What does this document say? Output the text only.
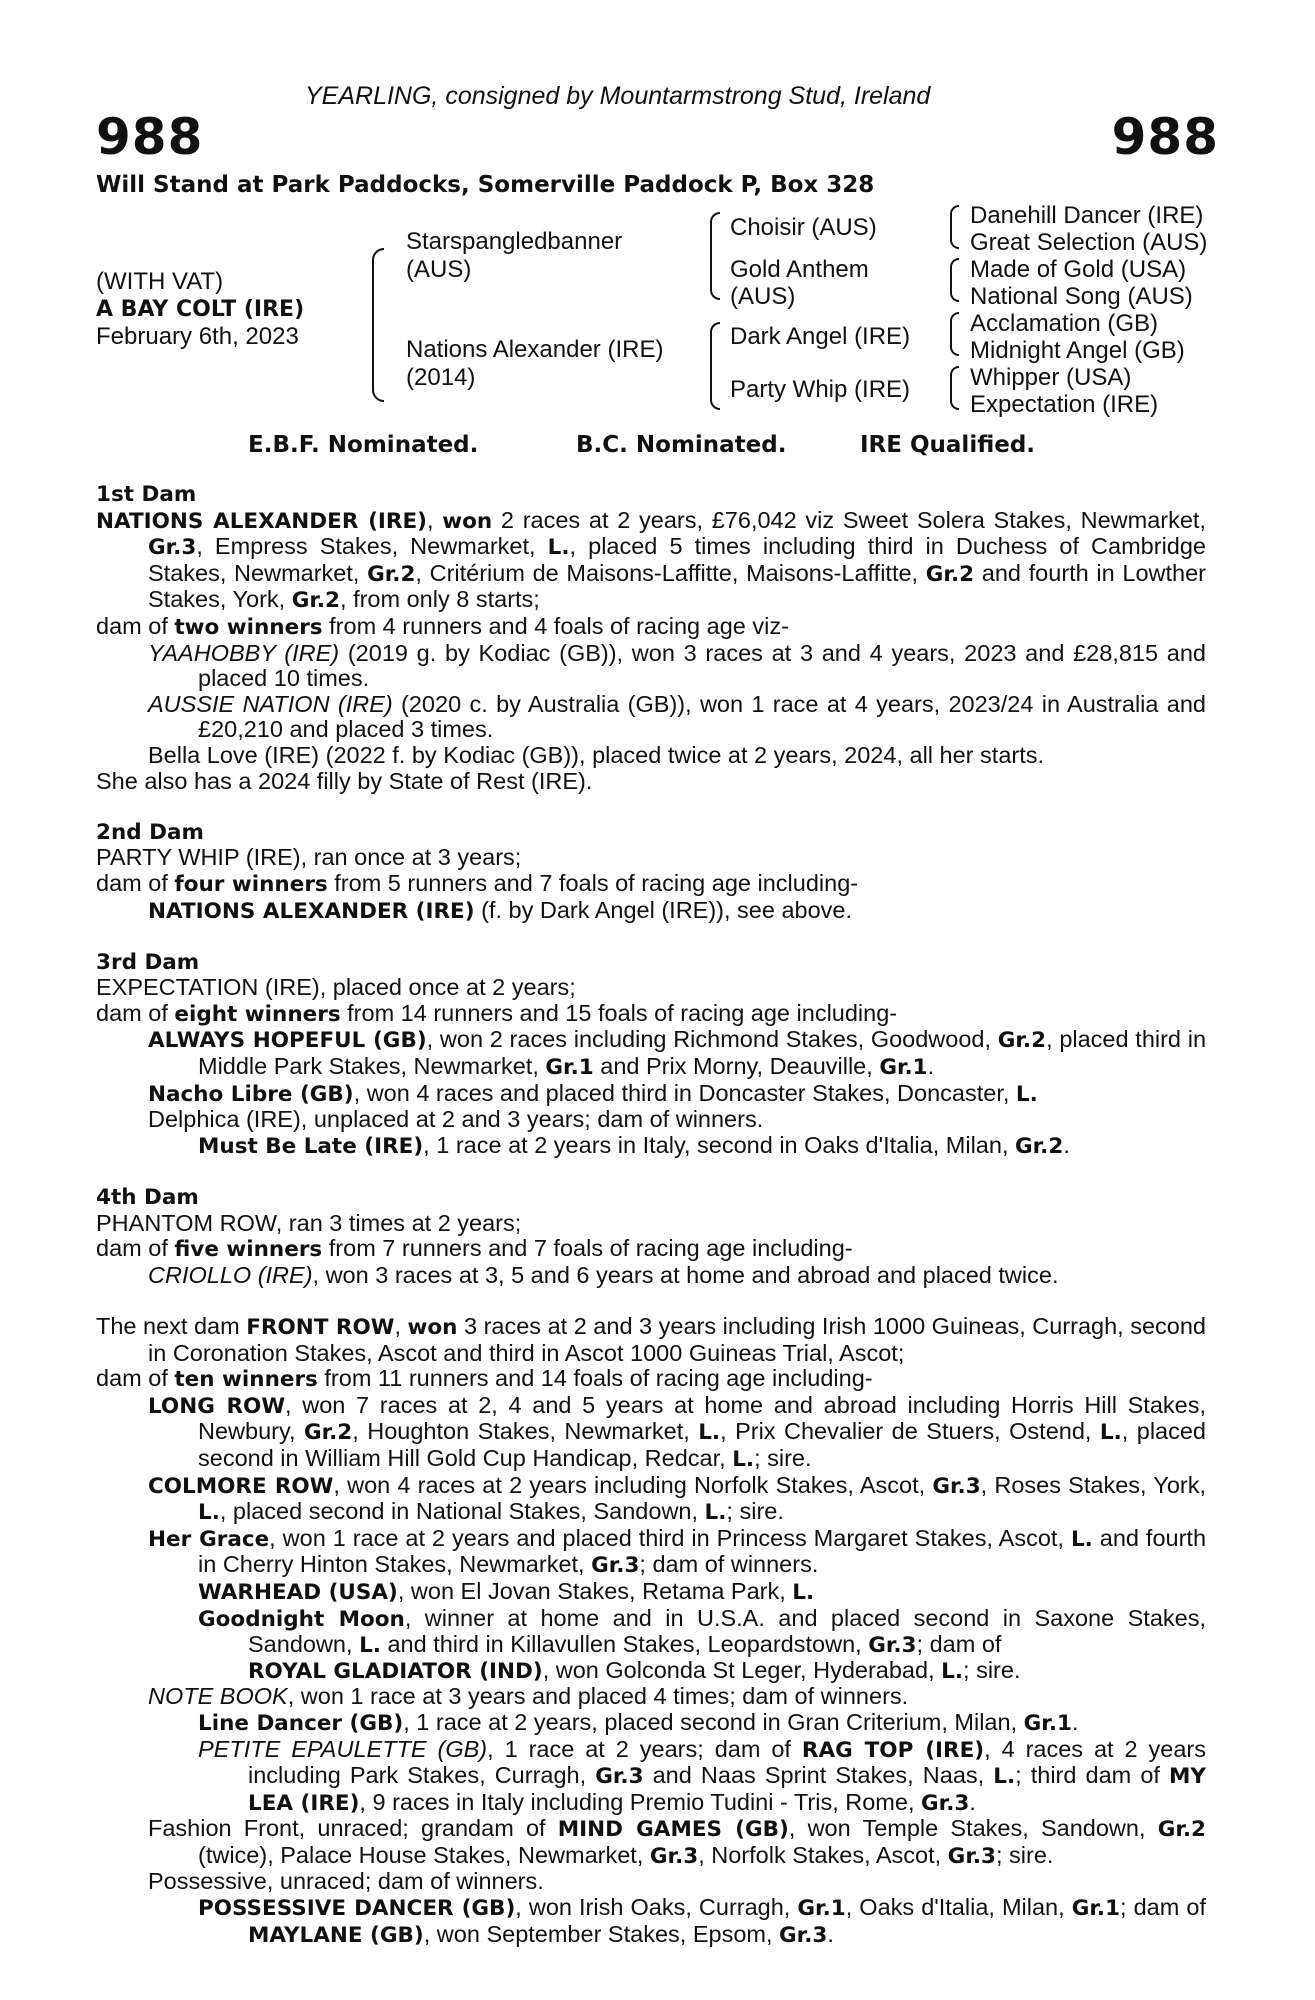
YEARLING, consigned by Mountarmstrong Stud, Ireland
988	988
Will Stand at Park Paddocks, Somerville Paddock P, Box 328
(WITH VAT)
A BAY COLT (IRE)
February 6th, 2023
Starspangledbanner
(AUS)
Nations Alexander (IRE)
(2014)
Choisir (AUS)
Gold Anthem
(AUS)
Dark Angel (IRE)
Party Whip (IRE)
Danehill Dancer (IRE)
Great Selection (AUS)
Made of Gold (USA)
National Song (AUS)
Acclamation (GB)
Midnight Angel (GB)
Whipper (USA)
Expectation (IRE)
E.B.F. Nominated.	B.C. Nominated.	IRE Qualified.

1st Dam

NATIONS ALEXANDER (IRE), won 2 races at 2 years, £76,042 viz Sweet Solera Stakes, Newmarket, Gr.3, Empress Stakes, Newmarket, L., placed 5 times including third in Duchess of Cambridge Stakes, Newmarket, Gr.2, Critérium de Maisons-Laffitte, Maisons-Laffitte, Gr.2 and fourth in Lowther Stakes, York, Gr.2, from only 8 starts;

dam of two winners from 4 runners and 4 foals of racing age viz-

YAAHOBBY (IRE) (2019 g. by Kodiac (GB)), won 3 races at 3 and 4 years, 2023 and £28,815 and placed 10 times.

AUSSIE NATION (IRE) (2020 c. by Australia (GB)), won 1 race at 4 years, 2023/24 in Australia and £20,210 and placed 3 times.

Bella Love (IRE) (2022 f. by Kodiac (GB)), placed twice at 2 years, 2024, all her starts.

She also has a 2024 filly by State of Rest (IRE).

2nd Dam

PARTY WHIP (IRE), ran once at 3 years;

dam of four winners from 5 runners and 7 foals of racing age including-

NATIONS ALEXANDER (IRE) (f. by Dark Angel (IRE)), see above.

3rd Dam

EXPECTATION (IRE), placed once at 2 years;

dam of eight winners from 14 runners and 15 foals of racing age including-

ALWAYS HOPEFUL (GB), won 2 races including Richmond Stakes, Goodwood, Gr.2, placed third in Middle Park Stakes, Newmarket, Gr.1 and Prix Morny, Deauville, Gr.1.

Nacho Libre (GB), won 4 races and placed third in Doncaster Stakes, Doncaster, L.

Delphica (IRE), unplaced at 2 and 3 years; dam of winners.

Must Be Late (IRE), 1 race at 2 years in Italy, second in Oaks d'Italia, Milan, Gr.2.

4th Dam

PHANTOM ROW, ran 3 times at 2 years;

dam of five winners from 7 runners and 7 foals of racing age including-

CRIOLLO (IRE), won 3 races at 3, 5 and 6 years at home and abroad and placed twice.

The next dam FRONT ROW, won 3 races at 2 and 3 years including Irish 1000 Guineas, Curragh, second in Coronation Stakes, Ascot and third in Ascot 1000 Guineas Trial, Ascot;

dam of ten winners from 11 runners and 14 foals of racing age including-

LONG ROW, won 7 races at 2, 4 and 5 years at home and abroad including Horris Hill Stakes, Newbury, Gr.2, Houghton Stakes, Newmarket, L., Prix Chevalier de Stuers, Ostend, L., placed second in William Hill Gold Cup Handicap, Redcar, L.; sire.

COLMORE ROW, won 4 races at 2 years including Norfolk Stakes, Ascot, Gr.3, Roses Stakes, York, L., placed second in National Stakes, Sandown, L.; sire.

Her Grace, won 1 race at 2 years and placed third in Princess Margaret Stakes, Ascot, L. and fourth in Cherry Hinton Stakes, Newmarket, Gr.3; dam of winners.

WARHEAD (USA), won El Jovan Stakes, Retama Park, L.

Goodnight Moon, winner at home and in U.S.A. and placed second in Saxone Stakes, Sandown, L. and third in Killavullen Stakes, Leopardstown, Gr.3; dam of

ROYAL GLADIATOR (IND), won Golconda St Leger, Hyderabad, L.; sire.

NOTE BOOK, won 1 race at 3 years and placed 4 times; dam of winners.

Line Dancer (GB), 1 race at 2 years, placed second in Gran Criterium, Milan, Gr.1.

PETITE EPAULETTE (GB), 1 race at 2 years; dam of RAG TOP (IRE), 4 races at 2 years including Park Stakes, Curragh, Gr.3 and Naas Sprint Stakes, Naas, L.; third dam of MY LEA (IRE), 9 races in Italy including Premio Tudini - Tris, Rome, Gr.3.

Fashion Front, unraced; grandam of MIND GAMES (GB), won Temple Stakes, Sandown, Gr.2 (twice), Palace House Stakes, Newmarket, Gr.3, Norfolk Stakes, Ascot, Gr.3; sire.

Possessive, unraced; dam of winners.

POSSESSIVE DANCER (GB), won Irish Oaks, Curragh, Gr.1, Oaks d'Italia, Milan, Gr.1; dam of MAYLANE (GB), won September Stakes, Epsom, Gr.3.
